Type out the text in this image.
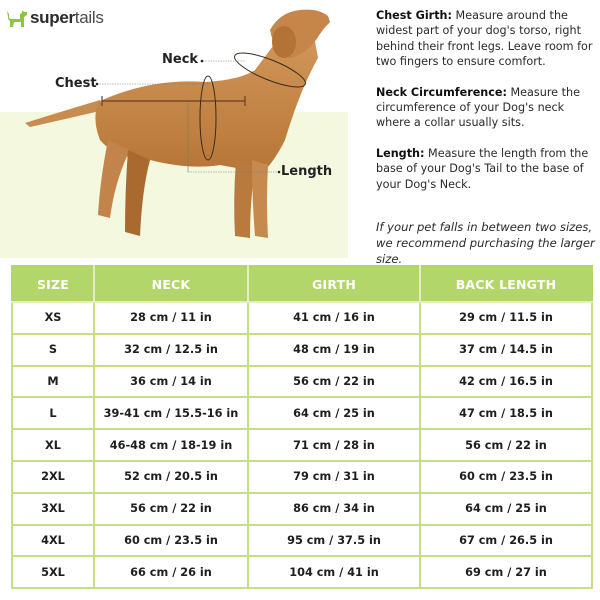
supertails
Neck
Chest
Length

Chest Girth: Measure around the widest part of your dog's torso, right behind their front legs. Leave room for two fingers to ensure comfort.

Neck Circumference: Measure the circumference of your Dog's neck where a collar usually sits.

Length: Measure the length from the base of your Dog's Tail to the base of your Dog's Neck.

If your pet falls in between two sizes, we recommend purchasing the larger size.
SIZE	NECK	GIRTH	BACK LENGTH
XS	28 cm / 11 in	41 cm / 16 in	29 cm / 11.5 in
S	32 cm / 12.5 in	48 cm / 19 in	37 cm / 14.5 in
M	36 cm / 14 in	56 cm / 22 in	42 cm / 16.5 in
L	39-41 cm / 15.5-16 in	64 cm / 25 in	47 cm / 18.5 in
XL	46-48 cm / 18-19 in	71 cm / 28 in	56 cm / 22 in
2XL	52 cm / 20.5 in	79 cm / 31 in	60 cm / 23.5 in
3XL	56 cm / 22 in	86 cm / 34 in	64 cm / 25 in
4XL	60 cm / 23.5 in	95 cm / 37.5 in	67 cm / 26.5 in
5XL	66 cm / 26 in	104 cm / 41 in	69 cm / 27 in
